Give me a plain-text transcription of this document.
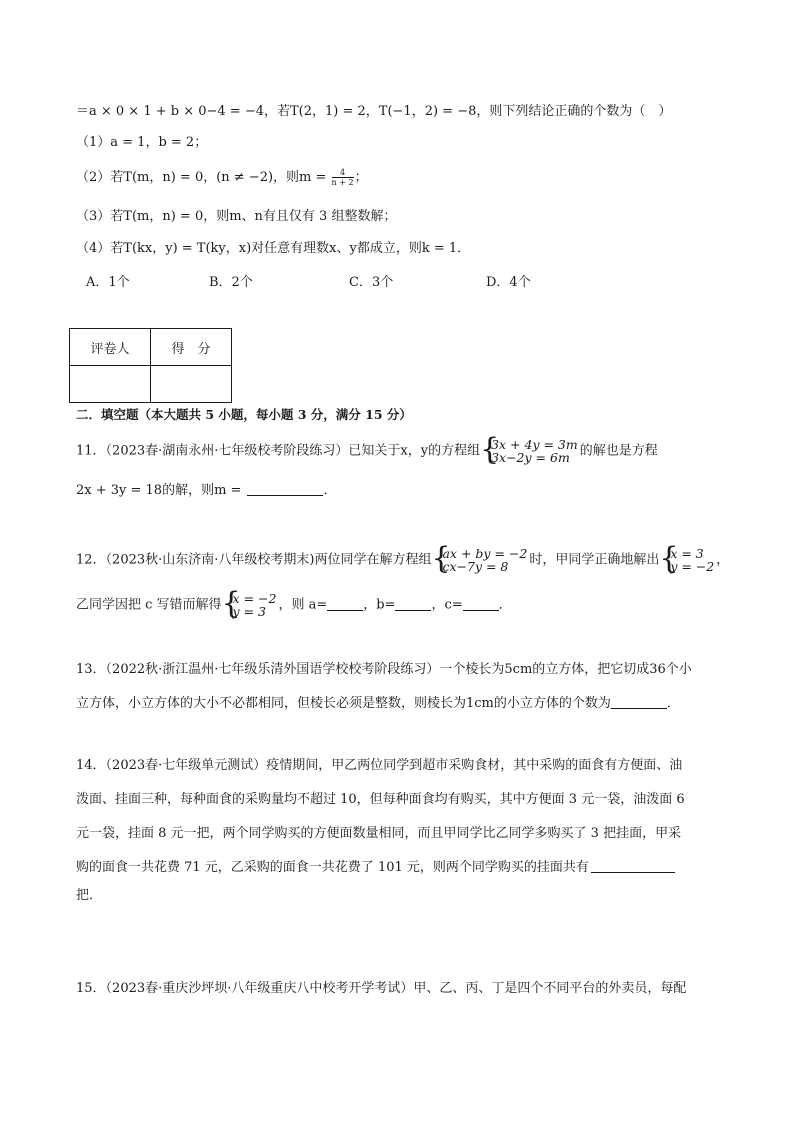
＝a × 0 × 1 + b × 0−4 = −4，若T(2，1) = 2，T(−1，2) = −8，则下列结论正确的个数为（　）
（1）a = 1，b = 2；
（2）若T(m，n) = 0，(n ≠ −2)，则$m = \frac{4}{n + 2}$ ；
（3）若T(m，n) = 0，则m、n有且仅有 3 组整数解；
（4）若T(kx，y) = T(ky，x)对任意有理数x、y都成立，则k = 1．
A．1个	B．2个	C．3个	D．4个
评卷人	得　分

二．填空题（本大题共 5 小题，每小题 3 分，满分 15 分）
11．（2023春·湖南永州·七年级校考阶段练习）已知关于x，y的方程组 { 3x + 4y = 3m
3x−2y = 6m 的解也是方程
2x + 3y = 18的解，则m =	．
12．（2023秋·山东济南·八年级校考期末)两位同学在解方程组 { ax + by = −2
cx−7y = 8	时，甲同学正确地解出 { x = 3
y = −2 ，
乙同学因把 c 写错而解得 { x = −2
y = 3 ，则 a=	，b=	，c=	．
13．（2022秋·浙江温州·七年级乐清外国语学校校考阶段练习）一个棱长为5cm的立方体，把它切成36个小
立方体，小立方体的大小不必都相同，但棱长必须是整数，则棱长为1cm的小立方体的个数为	．
14．（2023春·七年级单元测试）疫情期间，甲乙两位同学到超市采购食材，其中采购的面食有方便面、油
泼面、挂面三种，每种面食的采购量均不超过 10，但每种面食均有购买，其中方便面 3 元一袋，油泼面 6
元一袋，挂面 8 元一把，两个同学购买的方便面数量相同，而且甲同学比乙同学多购买了 3 把挂面，甲采
购的面食一共花费 71 元，乙采购的面食一共花费了 101 元，则两个同学购买的挂面共有
把．
15．（2023春·重庆沙坪坝·八年级重庆八中校考开学考试）甲、乙、丙、丁是四个不同平台的外卖员，每配
